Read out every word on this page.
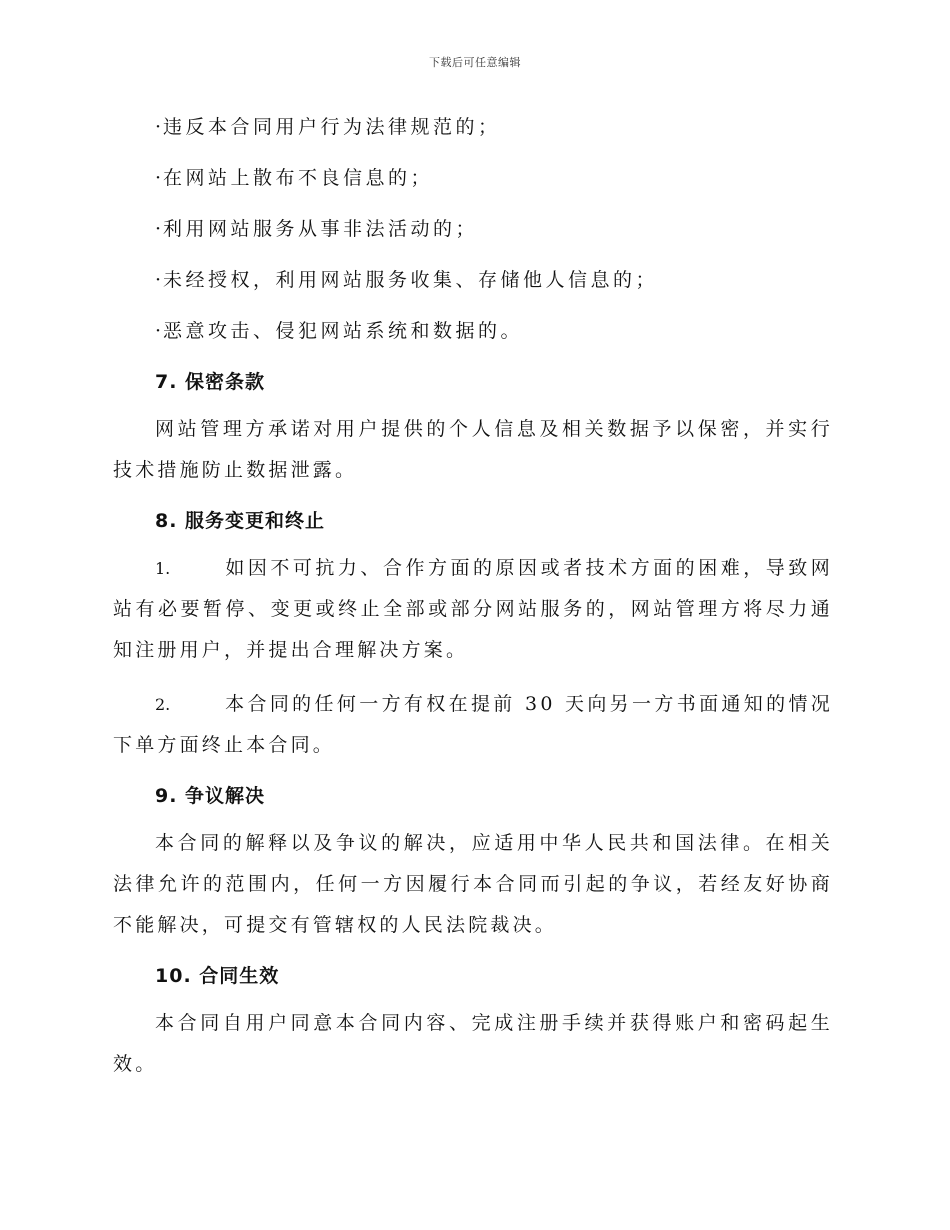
下载后可任意编辑
· 违反本合同用户行为法律规范的；
· 在网站上散布不良信息的；
· 利用网站服务从事非法活动的；
· 未经授权，利用网站服务收集、存储他人信息的；
· 恶意攻击、侵犯网站系统和数据的。
7. 保密条款
网站管理方承诺对用户提供的个人信息及相关数据予以保密，并实行技术措施防止数据泄露。
8. 服务变更和终止
1.	如因不可抗力、合作方面的原因或者技术方面的困难，导致网站有必要暂停、变更或终止全部或部分网站服务的，网站管理方将尽力通知注册用户，并提出合理解决方案。
2.	本合同的任何一方有权在提前 30 天向另一方书面通知的情况下单方面终止本合同。
9. 争议解决
本合同的解释以及争议的解决，应适用中华人民共和国法律。在相关法律允许的范围内，任何一方因履行本合同而引起的争议，若经友好协商不能解决，可提交有管辖权的人民法院裁决。
10. 合同生效
本合同自用户同意本合同内容、完成注册手续并获得账户和密码起生效。
